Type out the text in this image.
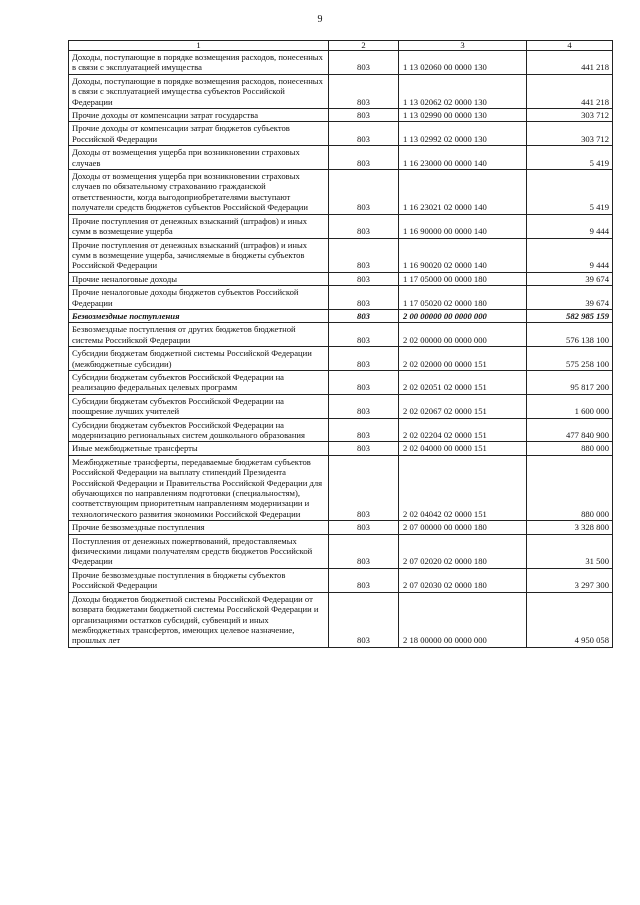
9
1	2	3	4
Доходы, поступающие в порядке возмещения расходов, понесенных в связи с эксплуатацией имущества	803	1 13 02060 00 0000 130	441 218
Доходы, поступающие в порядке возмещения расходов, понесенных в связи с эксплуатацией имущества субъектов Российской Федерации	803	1 13 02062 02 0000 130	441 218
Прочие доходы от компенсации затрат государства	803	1 13 02990 00 0000 130	303 712
Прочие доходы от компенсации затрат бюджетов субъектов Российской Федерации	803	1 13 02992 02 0000 130	303 712
Доходы от возмещения ущерба при возникновении страховых случаев	803	1 16 23000 00 0000 140	5 419
Доходы от возмещения ущерба при возникновении страховых случаев по обязательному страхованию гражданской ответственности, когда выгодоприобретателями выступают получатели средств бюджетов субъектов Российской Федерации	803	1 16 23021 02 0000 140	5 419
Прочие поступления от денежных взысканий (штрафов) и иных сумм в возмещение ущерба	803	1 16 90000 00 0000 140	9 444
Прочие поступления от денежных взысканий (штрафов) и иных сумм в возмещение ущерба, зачисляемые в бюджеты субъектов Российской Федерации	803	1 16 90020 02 0000 140	9 444
Прочие неналоговые доходы	803	1 17 05000 00 0000 180	39 674
Прочие неналоговые доходы бюджетов субъектов Российской Федерации	803	1 17 05020 02 0000 180	39 674
Безвозмездные поступления	803	2 00 00000 00 0000 000	582 985 159
Безвозмездные поступления от других бюджетов бюджетной системы Российской Федерации	803	2 02 00000 00 0000 000	576 138 100
Субсидии бюджетам бюджетной системы Российской Федерации (межбюджетные субсидии)	803	2 02 02000 00 0000 151	575 258 100
Субсидии бюджетам субъектов Российской Федерации на реализацию федеральных целевых программ	803	2 02 02051 02 0000 151	95 817 200
Субсидии бюджетам субъектов Российской Федерации на поощрение лучших учителей	803	2 02 02067 02 0000 151	1 600 000
Субсидии бюджетам субъектов Российской Федерации на модернизацию региональных систем дошкольного образования	803	2 02 02204 02 0000 151	477 840 900
Иные межбюджетные трансферты	803	2 02 04000 00 0000 151	880 000
Межбюджетные трансферты, передаваемые бюджетам субъектов Российской Федерации на выплату стипендий Президента Российской Федерации и Правительства Российской Федерации для обучающихся по направлениям подготовки (специальностям), соответствующим приоритетным направлениям модернизации и технологического развития экономики Российской Федерации	803	2 02 04042 02 0000 151	880 000
Прочие безвозмездные поступления	803	2 07 00000 00 0000 180	3 328 800
Поступления от денежных пожертвований, предоставляемых физическими лицами получателям средств бюджетов Российской Федерации	803	2 07 02020 02 0000 180	31 500
Прочие безвозмездные поступления в бюджеты субъектов Российской Федерации	803	2 07 02030 02 0000 180	3 297 300
Доходы бюджетов бюджетной системы Российской Федерации от возврата бюджетами бюджетной системы Российской Федерации и организациями остатков субсидий, субвенций и иных межбюджетных трансфертов, имеющих целевое назначение, прошлых лет	803	2 18 00000 00 0000 000	4 950 058
